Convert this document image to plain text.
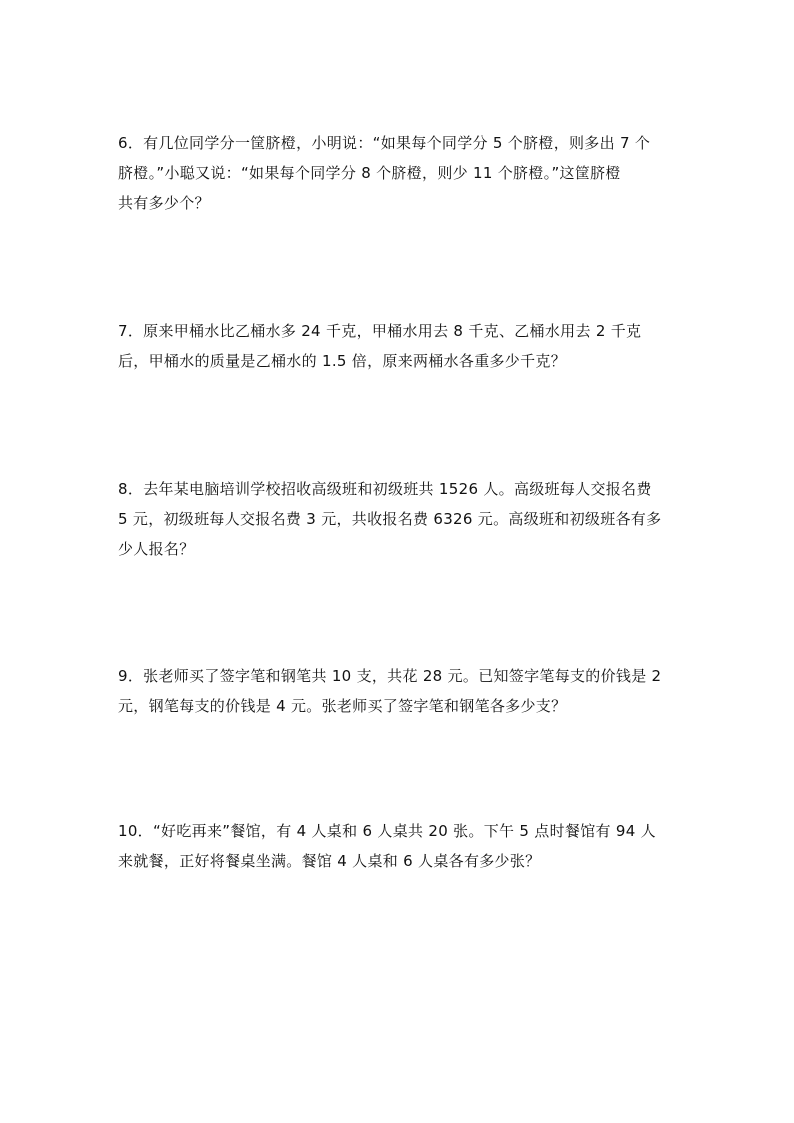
6．有几位同学分一筐脐橙，小明说：“如果每个同学分 5 个脐橙，则多出 7 个
脐橙。”小聪又说：“如果每个同学分 8 个脐橙，则少 11 个脐橙。”这筐脐橙
共有多少个？
7．原来甲桶水比乙桶水多 24 千克，甲桶水用去 8 千克、乙桶水用去 2 千克
后，甲桶水的质量是乙桶水的 1.5 倍，原来两桶水各重多少千克？
8．去年某电脑培训学校招收高级班和初级班共 1526 人。高级班每人交报名费
5 元，初级班每人交报名费 3 元，共收报名费 6326 元。高级班和初级班各有多
少人报名？
9．张老师买了签字笔和钢笔共 10 支，共花 28 元。已知签字笔每支的价钱是 2
元，钢笔每支的价钱是 4 元。张老师买了签字笔和钢笔各多少支？
10．“好吃再来”餐馆，有 4 人桌和 6 人桌共 20 张。下午 5 点时餐馆有 94 人
来就餐，正好将餐桌坐满。餐馆 4 人桌和 6 人桌各有多少张？
